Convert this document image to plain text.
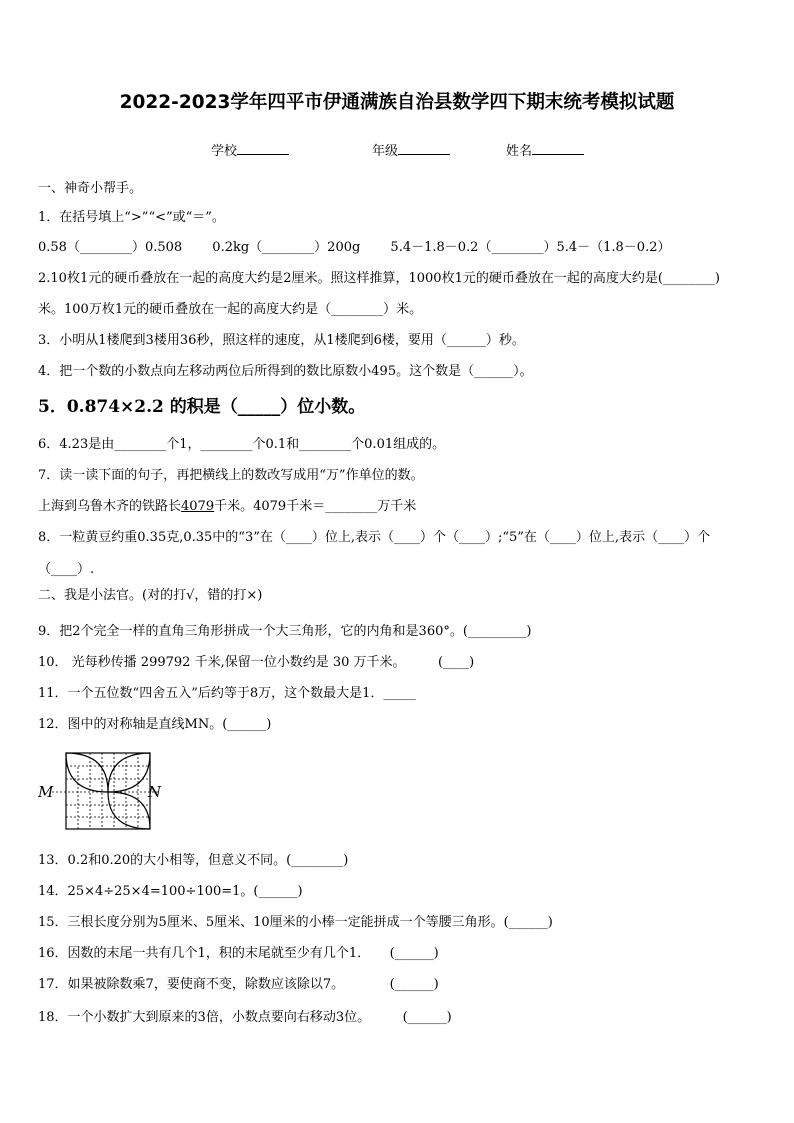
2022-2023学年四平市伊通满族自治县数学四下期末统考模拟试题
学校	年级	姓名
一、神奇小帮手。
1．在括号填上“>”“<”或“＝”。
0.58（________）0.508　 　0.2kg（________）200g　 　5.4－1.8－0.2（________）5.4－（1.8－0.2）
2.10枚1元的硬币叠放在一起的高度大约是2厘米。照这样推算，1000枚1元的硬币叠放在一起的高度大约是(________)
米。100万枚1元的硬币叠放在一起的高度大约是（________）米。
3．小明从1楼爬到3楼用36秒，照这样的速度，从1楼爬到6楼，要用（______）秒。
4．把一个数的小数点向左移动两位后所得到的数比原数小495。这个数是（______）。
5．0.874×2.2 的积是（_____）位小数。
6．4.23是由________个1，________个0.1和________个0.01组成的。
7．读一读下面的句子，再把横线上的数改写成用“万”作单位的数。
上海到乌鲁木齐的铁路长4079千米。4079千米＝________万千米
8．一粒黄豆约重0.35克,0.35中的“3”在（____）位上,表示（____）个（____）;“5”在（____）位上,表示（____）个
（____）.
二、我是小法官。(对的打√，错的打×)
9．把2个完全一样的直角三角形拼成一个大三角形，它的内角和是360°。(_________)
10． 光每秒传播 299792 千米,保留一位小数约是 30 万千米。　　　(____)
11．一个五位数“四舍五入”后约等于8万，这个数最大是1．_____
12．图中的对称轴是直线MN。(______)
M	N
13．0.2和0.20的大小相等，但意义不同。(________)
14．25×4÷25×4=100÷100=1。(______)
15．三根长度分别为5厘米、5厘米、10厘米的小棒一定能拼成一个等腰三角形。(______)
16．因数的末尾一共有几个1，积的末尾就至少有几个1．　　(______)
17．如果被除数乘7，要使商不变，除数应该除以7。　　　　(______)
18．一个小数扩大到原来的3倍，小数点要向右移动3位。　　　(______)
